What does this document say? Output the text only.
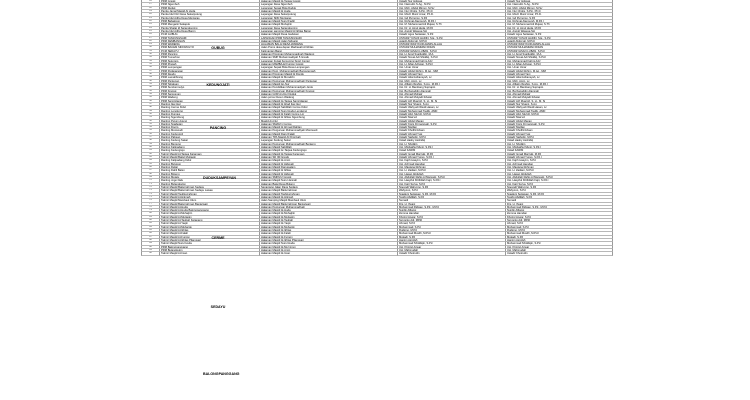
16	PRM Gresik	Halaman Masjid Al-Taqwa Gresik	Ustadz Nur Hidayat	Ustadz Nur Hidayat
17	PRM Ngembeh	Lapangan Desa Ngembeh	Ust. Nasrudin S.Ag., M.Pd	Ust. Nasrudin S.Ag., M.Pd
18	PRM Duduk	Lapangan Sepak Bola Duduk	Ust. Moh. Abdul Mimun, M.Sy	Ust. Moh. Abdul Mimun, M.Sy
19	Pantia Jamal Masjid Al Huda	Halaman Masjid Al Huda	Ust. Nur Cholis, S.Pd., Ph.D	Ust. Nur Cholis, S.Pd., Ph.D
20	Pantia Idul Fitri Desa Sekarputung	Lapangan Desa Sekarputung	Ust. Moch Munir Amar, Ph.D.	Ust. Moch Munir Amar, Ph.D.
21	Pantia Idul Adha Desa Mentaras	Lapangan SDN Mentaras	Ust. Gd Purnomo, S.Pd	Ust. Gd Purnomo, S.Pd
22	PRM Babakrejo	Halaman Masjid Nurul Fadjri	Ust. Rohmat Alamsyah, M.Pd.I	Ust. Rohmat Alamsyah, M.Pd.I
23	PRM Menganti Sekapuk	Halaman Masjid Muhajirin	Ust. M. Muhammad Ali Mujasi, S.Th	Ust. M. Muhammad Ali Mujasi, S.Th
24	Pantia Shalat Id Sarangkuning	Lapangan Desa Sarangkuning	Ust. Dr. H. Ainul Huda, M.Pd	Ust. Dr. H. Ainul Huda, M.Pd
25	Pantia Idul Adha Desa Baron	Lapangan samping Masjid Al Ikhlas Baron	Ust. Anggit Wasesa SH	Ust. Anggit Wasesa SH
26	PCM GUBUG	Halaman Masjid Desa Gedeken	Ustadz Agus Setiawan, S.Pd	Ustadz Agus Setiawan, S.Pd
27	PRM TANJUNGSARI	LAPANGAN PRM TANJUNGSARI	USTADZ YUSUF HADIN, S.E., S.Pd	USTADZ YUSUF HADIN, S.E., S.Pd
28	PRM KEMBANGAN	Halaman Masjid Jalan Sidoarjo	ustadz Abdul ali, M.Pd.I	ustadz Abdul ali, M.Pd.I
29	PRM WADENG	HALAMAN BALAI DESA WADENG	USTADZ WASYKUR AHMIS ALLAH	USTADZ WASYKUR AHMIS ALLAH
30	PRM BACEM SIDOMULYO	Jalan Poros desa depan Madrasah Al Ikhlas	USTADZ MUHAMMAD RIFAN	USTADZ MUHAMMAD RIFAN
31	PCM SEDAYU	Kalimantan Barat	USTADZ IHSAN LUBAN, S.Pd.I	USTADZ IHSAN LUBAN, S.Pd.I
32	PRM Pancing	Halaman Pimpinan Muhammadiyah Wadeng	Ust. H. Ainul Syaifuddin, M.A.	Ust. H. Ainul Syaifuddin, M.A.
33	PRM Tumerbon	Halaman SMP Muhammadiyah 5 Gresik	Ustadz Noval Adi Shiddiq, S.Pd.I	Ustadz Noval Adi Shiddiq, S.Pd.I
34	PRM Sukorejo	Lapangan Futsal Kemuning Sport Center	Ust. Muhammad Fahmi Aziz	Ust. Muhammad Fahmi Aziz
35	PRM Prapah	Halaman MAMBA-El Furqon Gresik	Ust. H. Alfan Achwan, S.Pd.I	Ust. H. Alfan Achwan, S.Pd.I
36	PRM Lempengan	Lapangan Sepak Bola Desa Lempengan	Ust. Umar Umar	Ust. Umar Umar
37	PRM Pedagangan	Halaman Perg. Muhammadiyah Banyutengah	Ustadz Abdul Rohim, M.Ag., MM	Ustadz Abdul Rohim, M.Ag., MM
38	PRM Deudu	Halaman Pimpinan Masjid Al Dondu	Ustadz Ahmad Yani	Ustadz Ahmad Yani
39	PRM Lamahbrang	Halaman Masjid Al Mu'adzin	Ustadz Hilal Ardiansyah, Lc	Ustadz Hilal Ardiansyah, Lc
40	PRM Pantenan	Halaman Perguruan Muhammadiyah Pantenan	Ust. Moh. Amin, Lc	Ust. Moh. Amin, Lc
41	PRM Tebaloan	Halaman Masjid An-Nur	Ust. Alfiatin Ibrahim, S.Ag., M.Pd.I	Ust. Alfiatin Ibrahim, S.Ag., M.Pd.I
42	PRM Sumbermulyo	Halaman Pendidikan Muhammadiyah Jerok	Ust. Dr. H. Bambang Suprapto	Ust. Dr. H. Bambang Suprapto
43	PRM Kramat	Halaman Perguruan Muhammadiyah Kramat	Ust. Burhanuddin Alamnah	Ust. Burhanuddin Alamnah
44	PRM Sampeyan	Halaman GOR An-Nur Duduk	Ust. Ahmad Muhajir	Ust. Ahmad Muhajir
45	PRM Wadeng	Jalan poros Dusun Wadeng	Ust. Ahmad Mulyadi Ikhwan	Ust. Ahmad Mulyadi Ikhwan
46	PRM Samirplapan	Halaman Masjid At-Taqwa Samirplapan	Ustadz Arif Muarrof, S. H., M. Si	Ustadz Arif Muarrof, S. H., M. Si
47	Ranting Iker-Iker	Halaman Masjid Al Ahad Iker-Iker	Ustadz Nur Siyami, S.Ag	Ustadz Nur Siyami, S.Ag
48	Ranting Cerme Kidul	Halaman Masjid Sabilillah Cerme Kidul	Ustadz Wahyudi Wiedi Hasan, Lc	Ustadz Wahyudi Wiedi Hasan, Lc
49	Ranting Lengkong	Halaman Masjid Nurul Huda Lengkong	Ustadz Muhammad Taufik, AMD	Ustadz Muhammad Taufik, AMD
50	Ranting Dungus	Halaman Masjid Al Falah Cerme Lor	Ustadz Abd. Mu'idz, M.Pd.I	Ustadz Abd. Mu'idz, M.Pd.I
51	Ranting Ngembung	Halaman Masjid Al Ikhlas Ngembung	Ustadz Mas'ud	Ustadz Mas'ud
52	Ranting Putum Agung	Masjid An-Nur	Ustadz Abdul Manan	Ustadz Abdul Manan
53	Ranting Ngabetan	Halaman SMAM 1 Cerme	Ustadz Koris Firmansyah, S.Pd	Ustadz Koris Firmansyah, S.Pd
54	Ranting Dooro	Halaman Masjid Al Ahmad Dahlan	Ustadz Marilan	Ustadz Marilan
55	Ranting Morowudi	Halaman Perguruan Muhammadiyah Morowudi	Ustadz Kholfid Ahsan	Ustadz Kholfid Ahsan
56	Ranting Kedungpil	Halaman Masjid Darul Falah	Ustadz Ahmad Yusi	Ustadz Ahmad Yusi
57	Ranting Pabean	Halaman TPA Masjid Al Khoiriyah	Ustadz Saifudin, M.Pd	Ustadz Saifudin, M.Pd
58	Ranting Kedung Sekar	Lapangan Kedung Sekar	Ustad Hasby Asshidiq	Ustad Hasby Asshidiq
59	Ranting Benjeng	Halaman Perguruan Muhammadiyah Benjeng	Ust. H. Sholikin	Ust. H. Sholikin
60	Ranting Kalipadang	Halaman Masjid Sabilillah	Ust. Misbakhul Munir, S.Pd.I	Ust. Misbakhul Munir, S.Pd.I
61	Ranting Kedungrejo	Halaman Masjid Ar-Taqwa Kedungrejo	Ustad KARIM	Ustad KARIM
62	Takmir Masjid Al-Taqwa Karangan	Halaman Masjid Al-Taqwa Karangan	Ustadz Ismail Marzuki, M.Pd	Ustadz Ismail Marzuki, M.Pd
63	Takmir Masjid Baitul Muttaqin	Halaman SD IDI Gresik	Ustadz Ahmad Yunus, S.Pd.I	Ustadz Ahmad Yunus, S.Pd.I
64	Ranting Kalipadang Kidul	Halaman Masjid Al-Amin	Ust. Fajrh Hasyim, S.Pd	Ust. Fajrh Hasyim, S.Pd
65	Ranting Bulurejo	Halaman Masjid Al Hidayah	Ust. Achmad Hamdan	Ust. Achmad Hamdan
66	Ranting Deliar	Halaman Masjid Darussalam	Ust. Maulana Rohman	Ust. Maulana Rohman
67	Ranting Dahli Balen	Halaman Masjid Al Ikhlas	Ust. H. Zaidani, M.Pd.I	Ust. H. Zaidani, M.Pd.I
68	Ranting Boteng	Halaman Masjid Al Hidayah	Ust. Hasan Abdullah	Ust. Hasan Abdullah
69	Ranting Metatu	Halaman SMKM 2 Gresik	Ust. Abdullah Rahis Al Mansuki, S.Pd.I	Ust. Abdullah Rahis Al Mansuki, S.Pd.I
70	Ranting Jogo Dalu	Halaman Masjid Nurul Jannah	Ust. Hasyiful Khilbillah Fajri, S.Pd.I	Ust. Hasyiful Khilbillah Fajri, S.Pd.I
71	Ranting Bulangkulon	Halaman Balai Desa Bulang	Ust. Fajri Surya, S.Pd	Ust. Fajri Surya, S.Pd
72	Takmir Masjid Baiturrahman Sedayu	Sepanjang Jalan Raya Sedayu	Noeyadi Wahyono, S.Pd	Noeyadi Wahyono, S.Pd
73	Takmir Masjid Baiturrahman Sedayu Lawas	Halaman Masjid Baiturrahman	Wahyono, S.Pd	Wahyono, S.Pd
74	Takmir Masjid Taufiqurrahman	Halaman Masjid Taufiqurrahman	Ngadeni Setiawan, S.Pd, M.Pd	Ngadeni Setiawan, S.Pd, M.Pd
75	Takmir Masjid Al-Hikmah	Halaman Masjid Al-Hikmah	Syafiq Abdillah, S.Pd	Syafiq Abdillah, S.Pd
76	Takmir Masjid Mambaul Ulum	Jalan Samping Masjid Mambaul Ulum	Sumadi	Sumadi
77	Takmir Masjid Baiturrahman Banjarwati	Halaman Masjid Baiturrahman Banjarwati	Drs. H. Ihsani	Drs. H. Ihsani
78	Takmir Masjid Al-Huda	Halaman Perguruan Muhammadiyah	Muhammad Ridwan, S.Pd., M.Pd	Muhammad Ridwan, S.Pd., M.Pd
79	Takmir Masjid Al-Huda Balongpanggang	Halaman Masjid Al-Huda	Nurdin Alfiansi	Nurdin Alfiansi
80	Takmir Masjid Al-Muhajirin	Halaman Masjid Al-Muhajirin	Zemma Hamdan	Zemma Hamdan
81	Takmir Masjid Al-Muttaqin	Halaman Masjid Al-Muttaqin	Khoirul Anwar, S.Pd	Khoirul Anwar, S.Pd
82	Takmir Masjid Al-Taubah Ketapang	Halaman Masjid Al-Taubah	Suryanto Adi, MPdI	Suryanto Adi, MPdI
83	Takmir Masjid Al-Yaqin	Halaman Masjid Al-Yaqin	Ahmad, S.Pd	Ahmad, S.Pd
84	Takmir Masjid Al-Mubarok	Halaman Masjid Al-Mubarok	Muhammad, S.Pd	Muhammad, S.Pd
85	Takmir Masjid Al-Ikhlas	Halaman Masjid Al-Ikhlas	Rudiono, M.Pd	Rudiono, M.Pd
86	Takmir Masjid Al-Falah	Halaman Masjid Al-Falah	Muhammad Muslih, M.Pd.I	Muhammad Muslih, M.Pd.I
87	Takmir Masjid Al-Furqon	Halaman Masjid Al-Furqon	Mukadi, S.Pd	Mukadi, S.Pd
88	Takmir Masjid Al-Ikhlas Pliangsari	Halaman Masjid Al-Ikhlas Pliangsari	Hamim Asrofah	Hamim Asrofah
89	Takmir Masjid Nurul Huda	Halaman Masjid Nurul Huda	Muhammad Shiddiqin, S.Pd	Muhammad Shiddiqin, S.Pd
90	PRM Balongpanggang	Halaman Masjid Al-Mu'minun	Ust. Khoirul Anwar	Ust. Khoirul Anwar
91	PRM Bulangkulon	Halaman Masjid Al-Amin	Ust. Mahmudah	Ust. Mahmudah
92	Takmir Masjid Al-Iman	Halaman Masjid Al-Iman	Ustadz Khoirudin	Ustadz Khoirudin
GUBUG
KEDUNGJATI
PANCING
DUDUKSAMPEYAN
CERME
SEDAYU
BALONGPANGGANG
